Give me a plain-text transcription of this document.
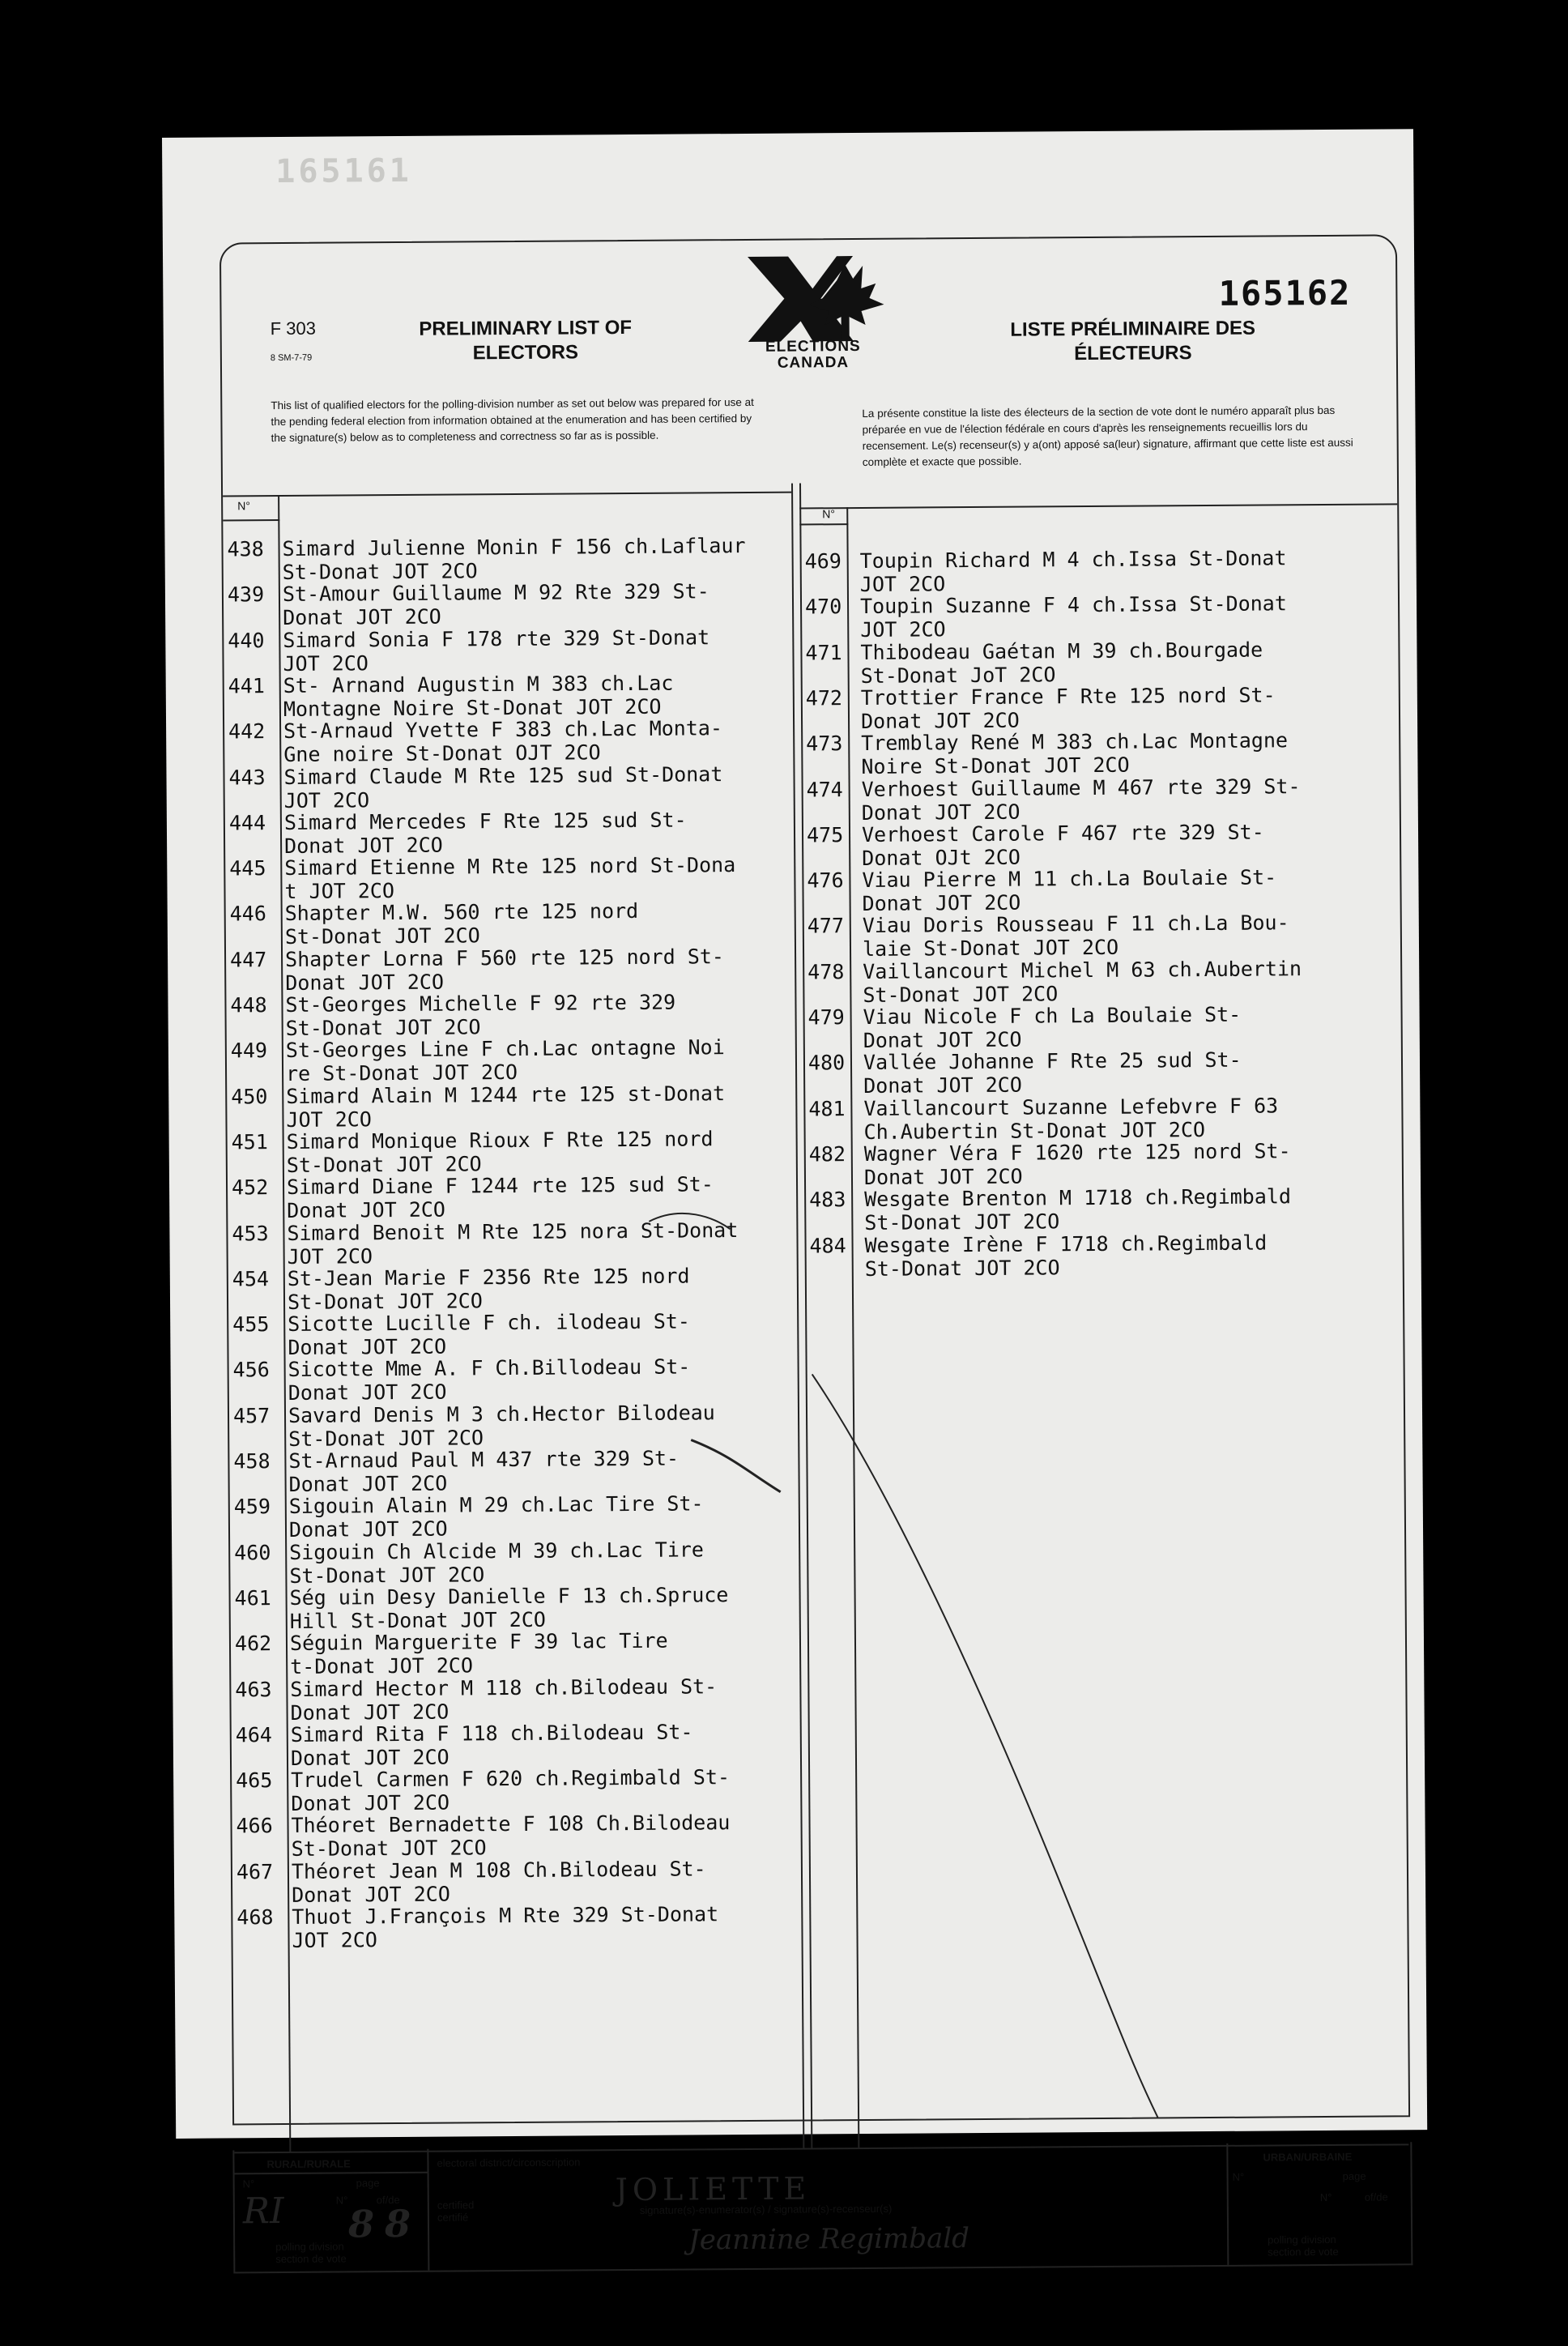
165161
165162
F 303
8 SM-7-79
PRELIMINARY LIST OF ELECTORS
LISTE PRÉLIMINAIRE DES ÉLECTEURS
ELECTIONS
CANADA
This list of qualified electors for the polling-division number as set out below was prepared for use at the pending federal election from information obtained at the enumeration and has been certified by the signature(s) below as to completeness and correctness so far as is possible.
La présente constitue la liste des électeurs de la section de vote dont le numéro apparaît plus bas préparée en vue de l'élection fédérale en cours d'après les renseignements recueillis lors du recensement. Le(s) recenseur(s) y a(ont) apposé sa(leur) signature, affirmant que cette liste est aussi complète et exacte que possible.
N°
N°
438 Simard Julienne Monin F 156 ch.Laflaur
St-Donat JOT 2CO
439 St-Amour Guillaume M 92 Rte 329 St-
Donat JOT 2CO
440 Simard Sonia F 178 rte 329 St-Donat
JOT 2CO
441 St- Arnand Augustin M 383 ch.Lac
Montagne Noire St-Donat JOT 2CO
442 St-Arnaud Yvette F 383 ch.Lac Monta-
Gne noire St-Donat OJT 2CO
443 Simard Claude M Rte 125 sud St-Donat
JOT 2CO
444 Simard Mercedes F Rte 125 sud St-
Donat JOT 2CO
445 Simard Etienne M Rte 125 nord St-Dona
t JOT 2CO
446 Shapter M.W. 560 rte 125 nord
St-Donat JOT 2CO
447 Shapter Lorna F 560 rte 125 nord St-
Donat JOT 2CO
448 St-Georges Michelle F 92 rte 329
St-Donat JOT 2CO
449 St-Georges Line F ch.Lac ontagne Noi
re St-Donat JOT 2CO
450 Simard Alain M 1244 rte 125 st-Donat
JOT 2CO
451 Simard Monique Rioux F Rte 125 nord
St-Donat JOT 2CO
452 Simard Diane F 1244 rte 125 sud St-
Donat JOT 2CO
453 Simard Benoit M Rte 125 nora St-Donat
JOT 2CO
454 St-Jean Marie F 2356 Rte 125 nord
St-Donat JOT 2CO
455 Sicotte Lucille F ch. ilodeau St-
Donat JOT 2CO
456 Sicotte Mme A. F Ch.Billodeau St-
Donat JOT 2CO
457 Savard Denis M 3 ch.Hector Bilodeau
St-Donat JOT 2CO
458 St-Arnaud Paul M 437 rte 329 St-
Donat JOT 2CO
459 Sigouin Alain M 29 ch.Lac Tire St-
Donat JOT 2CO
460 Sigouin Ch Alcide M 39 ch.Lac Tire
St-Donat JOT 2CO
461 Ség uin Desy Danielle F 13 ch.Spruce
Hill St-Donat JOT 2CO
462 Séguin Marguerite F 39 lac Tire
t-Donat JOT 2CO
463 Simard Hector M 118 ch.Bilodeau St-
Donat JOT 2CO
464 Simard Rita F 118 ch.Bilodeau St-
Donat JOT 2CO
465 Trudel Carmen F 620 ch.Regimbald St-
Donat JOT 2CO
466 Théoret Bernadette F 108 Ch.Bilodeau
St-Donat JOT 2CO
467 Théoret Jean M 108 Ch.Bilodeau St-
Donat JOT 2CO
468 Thuot J.François M Rte 329 St-Donat
JOT 2CO
469 Toupin Richard M 4 ch.Issa St-Donat
JOT 2CO
470 Toupin Suzanne F 4 ch.Issa St-Donat
JOT 2CO
471 Thibodeau Gaétan M 39 ch.Bourgade
St-Donat JoT 2CO
472 Trottier France F Rte 125 nord St-
Donat JOT 2CO
473 Tremblay René M 383 ch.Lac Montagne
Noire St-Donat JOT 2CO
474 Verhoest Guillaume M 467 rte 329 St-
Donat JOT 2CO
475 Verhoest Carole F 467 rte 329 St-
Donat OJt 2CO
476 Viau Pierre M 11 ch.La Boulaie St-
Donat JOT 2CO
477 Viau Doris Rousseau F 11 ch.La Bou-
laie St-Donat JOT 2CO
478 Vaillancourt Michel M 63 ch.Aubertin
St-Donat JOT 2CO
479 Viau Nicole F ch La Boulaie St-
Donat JOT 2CO
480 Vallée Johanne F Rte 25 sud St-
Donat JOT 2CO
481 Vaillancourt Suzanne Lefebvre F 63
Ch.Aubertin St-Donat JOT 2CO
482 Wagner Véra F 1620 rte 125 nord St-
Donat JOT 2CO
483 Wesgate Brenton M 1718 ch.Regimbald
St-Donat JOT 2CO
484 Wesgate Irène F 1718 ch.Regimbald
St-Donat JOT 2CO
RURAL/RURALE
N°	page
N°	of/de
RI 8 8
polling division
section de vote
electoral district/circonscription
JOLIETTE
certified
certifié
signature(s)-enumerator(s) / signature(s)-recenseur(s)
Jeannine Regimbald
URBAN/URBAINE
N°	page
N°	of/de
polling division
section de vote
